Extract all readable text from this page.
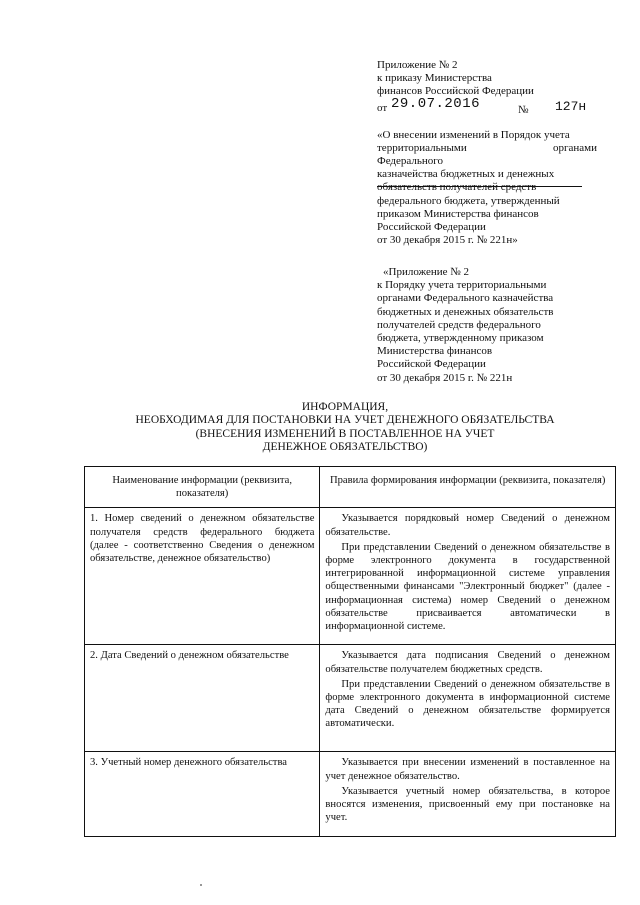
Приложение № 2
к приказу Министерства
финансов Российской Федерации
от 29.07.2016	№ 127н
«О внесении изменений в Порядок учета
территориальными	органами
Федерального
казначейства бюджетных и денежных
обязательств получателей средств
федерального бюджета, утвержденный
приказом Министерства финансов
Российской Федерации
от 30 декабря 2015 г. № 221н»
«Приложение № 2
к Порядку учета территориальными
органами Федерального казначейства
бюджетных и денежных обязательств
получателей средств федерального
бюджета, утвержденному приказом
Министерства финансов
Российской Федерации
от 30 декабря 2015 г. № 221н
ИНФОРМАЦИЯ,
НЕОБХОДИМАЯ ДЛЯ ПОСТАНОВКИ НА УЧЕТ ДЕНЕЖНОГО ОБЯЗАТЕЛЬСТВА
(ВНЕСЕНИЯ ИЗМЕНЕНИЙ В ПОСТАВЛЕННОЕ НА УЧЕТ
ДЕНЕЖНОЕ ОБЯЗАТЕЛЬСТВО)
Наименование информации (реквизита, показателя)	Правила формирования информации (реквизита, показателя)
1. Номер сведений о денежном обязательстве получателя средств федерального бюджета (далее - соответственно Сведения о денежном обязательстве, денежное обязательство)	Указывается порядковый номер Сведений о денежном обязательстве.

При представлении Сведений о денежном обязательстве в форме электронного документа в государственной интегрированной информационной системе управления общественными финансами "Электронный бюджет" (далее - информационная система) номер Сведений о денежном обязательстве присваивается автоматически в информационной системе.

2. Дата Сведений о денежном обязательстве	Указывается дата подписания Сведений о денежном обязательстве получателем бюджетных средств.

При представлении Сведений о денежном обязательстве в форме электронного документа в информационной системе дата Сведений о денежном обязательстве формируется автоматически.

3. Учетный номер денежного обязательства	Указывается при внесении изменений в поставленное на учет денежное обязательство.

Указывается учетный номер обязательства, в которое вносятся изменения, присвоенный ему при постановке на учет.
